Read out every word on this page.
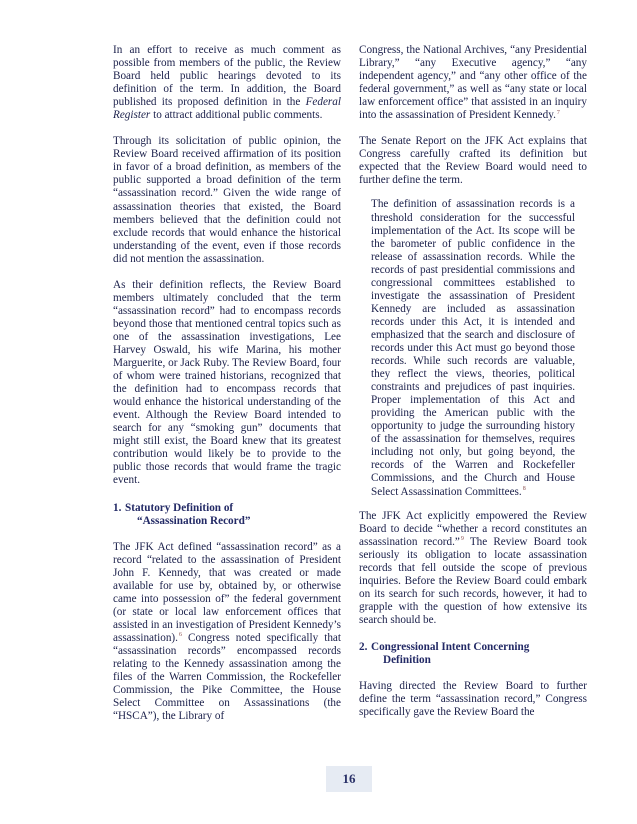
In an effort to receive as much comment as possible from members of the public, the Review Board held public hearings devoted to its definition of the term. In addition, the Board published its proposed definition in the Federal Register to attract additional public comments.

Through its solicitation of public opinion, the Review Board received affirmation of its position in favor of a broad definition, as members of the public supported a broad definition of the term “assassination record.” Given the wide range of assassination theories that existed, the Board members believed that the definition could not exclude records that would enhance the historical understanding of the event, even if those records did not mention the assassination.

As their definition reflects, the Review Board members ultimately concluded that the term “assassination record” had to encompass records beyond those that mentioned central topics such as one of the assassination investigations, Lee Harvey Oswald, his wife Marina, his mother Marguerite, or Jack Ruby. The Review Board, four of whom were trained historians, recognized that the definition had to encompass records that would enhance the historical understanding of the event. Although the Review Board intended to search for any “smoking gun” documents that might still exist, the Board knew that its greatest contribution would likely be to provide to the public those records that would frame the tragic event.

1. Statutory Definition of
“Assassination Record”

The JFK Act defined “assassination record” as a record “related to the assassination of President John F. Kennedy, that was created or made available for use by, obtained by, or otherwise came into possession of” the federal government (or state or local law enforcement offices that assisted in an investigation of President Kennedy’s assassination).$^6$ Congress noted specifically that “assassination records” encompassed records relating to the Kennedy assassination among the files of the Warren Commission, the Rockefeller Commission, the Pike Committee, the House Select Committee on Assassinations (the “HSCA”), the Library of

Congress, the National Archives, “any Presidential Library,” “any Executive agency,” “any independent agency,” and “any other office of the federal government,” as well as “any state or local law enforcement office” that assisted in an inquiry into the assassination of President Kennedy.$^7$

The Senate Report on the JFK Act explains that Congress carefully crafted its definition but expected that the Review Board would need to further define the term.

The definition of assassination records is a threshold consideration for the successful implementation of the Act. Its scope will be the barometer of public confidence in the release of assassination records. While the records of past presidential commissions and congressional committees established to investigate the assassination of President Kennedy are included as assassination records under this Act, it is intended and emphasized that the search and disclosure of records under this Act must go beyond those records. While such records are valuable, they reflect the views, theories, political constraints and prejudices of past inquiries. Proper implementation of this Act and providing the American public with the opportunity to judge the surrounding history of the assassination for themselves, requires including not only, but going beyond, the records of the Warren and Rockefeller Commissions, and the Church and House Select Assassination Committees.$^8$

The JFK Act explicitly empowered the Review Board to decide “whether a record constitutes an assassination record.”$^9$ The Review Board took seriously its obligation to locate assassination records that fell outside the scope of previous inquiries. Before the Review Board could embark on its search for such records, however, it had to grapple with the question of how extensive its search should be.

2. Congressional Intent Concerning
Definition

Having directed the Review Board to further define the term “assassination record,” Congress specifically gave the Review Board the

16
